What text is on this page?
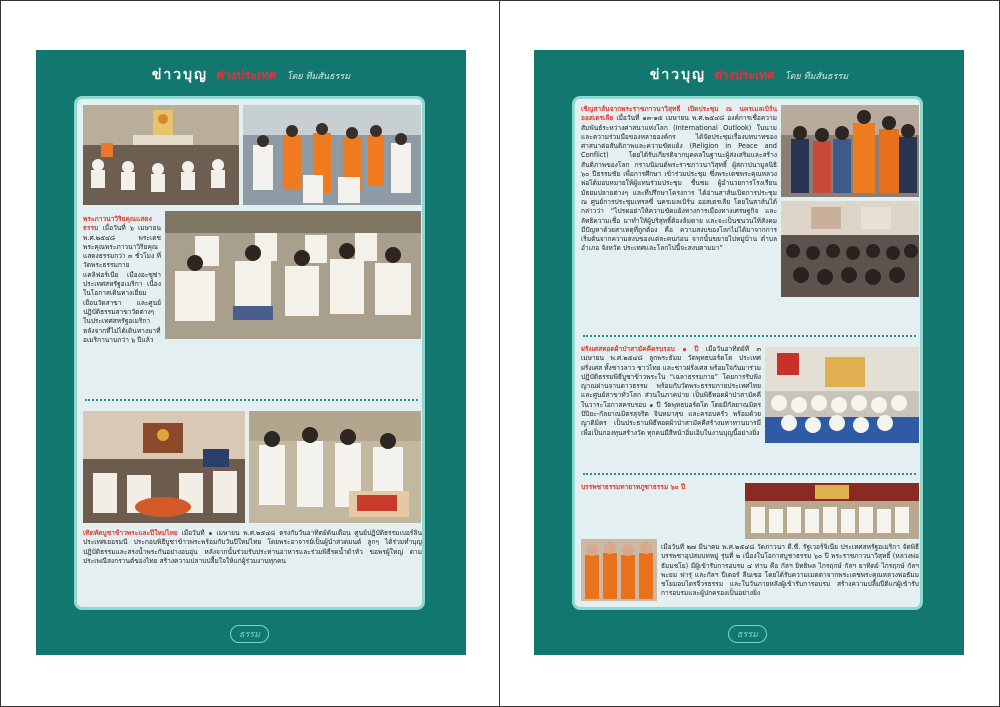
ข่าวบุญ ต่างประเทศ โดย ทีมสันธรรม
พระภาวนาวิริยคุณแสดงธรรม เมื่อวันที่ ๖ เมษายน พ.ศ.๒๕๔๘ พระเดชพระคุณพระภาวนาวิริยคุณ แสดงธรรมกว่า ๓ ชั่วโมง ที่วัดพระธรรมกายแคลิฟอร์เนีย เมืองอะซูซ่า ประเทศสหรัฐอเมริกา เนื่องในโอกาสเดินทางเยี่ยมเยือนวัดสาขา และศูนย์ปฏิบัติธรรมสาขาวัดต่างๆ ในประเทศสหรัฐอเมริกา หลังจากที่ไม่ได้เดินทางมาที่อเมริกานานกว่า ๖ ปีแล้ว
เทิดทัดบูชาข้าวพระและปีใหม่ไทย เมื่อวันที่ ๑ เมษายน พ.ศ.๒๕๔๘ ตรงกับวันอาทิตย์ต้นเดือน ศูนย์ปฏิบัติธรรมเบอร์ลิน ประเทศเยอรมนี ประกอบพิธีบูชาข้าวพระพร้อมกับวันปีใหม่ไทย โดยพระอาจารย์เป็นผู้นำสวดมนต์ ลูกๆ ได้ร่วมทำบุญปฏิบัติธรรมและสรงน้ำพระกันอย่างอบอุ่น หลังจากนั้นร่วมรับประทานอาหารและร่วมพิธีรดน้ำดำหัว ขอพรผู้ใหญ่ ตามประเพณีสงกรานต์ของไทย สร้างความปลาบปลื้มใจให้แก่ผู้ร่วมงานทุกคน
ธรรม
ข่าวบุญ ต่างประเทศ โดย ทีมสันธรรม
เชิญสาส์นจากพระราชภาวนาวิสุทธิ์ เปิดประชุม ณ นครเมลเบิร์น ออสเตรเลีย เมื่อวันที่ ๑๓-๑๕ เมษายน พ.ศ.๒๕๔๘ องค์การเชื่อความสัมพันธ์ระหว่างศาสนาแห่งโลก (International Outlook) ในนามและความร่วมมือของหลายองค์กร ได้จัดประชุมเรื่องบทบาทของศาสนาต่อสันติภาพและความขัดแย้ง (Religion in Peace and Conflict) โดยได้รับเกียรติจากบุคคลในฐานะผู้ส่งเสริมและสร้างสันติภาพของโลก กราบนิมนต์พระราชภาวนาวิสุทธิ์ ผู้สถาปนามูลนิธิ ๖๐ ปีธรรมชัย เพื่อการศึกษา เข้าร่วมประชุม ซึ่งพระเดชพระคุณหลวงพ่อได้มอบหมายให้ผู้แทนร่วมประชุม ชื่นชม ผู้อำนวยการโรงเรียนมัธยมปลายต่างๆ และที่ปรึกษาโครงการ ได้อ่านสาส์นเปิดการประชุม ณ ศูนย์การประชุมเทรลซี่ นครเมลเบิร์น ออสเตรเลีย โดยในสาส์นได้กล่าวว่า “ไปรดอย่าให้ความขัดแย้งทางการเมืองทางเศรษฐกิจ และลัทธิความเชื่อ มาทำให้ผู้บริสุทธิ์ต้องล้มตาย และจะเป็นชนวนให้สังคมมีปัญหาด้วยสาเหตุที่ถูกต้อง คือ ความสงบของโลกไม่ได้มาจากการเริ่มต้นจากความสงบของแต่ละคนก่อน จากนั้นขยายไปหมู่บ้าน ตำบล อำเภอ จังหวัด ประเทศและโลกไปนี้จะสงบตามมา”
ฝรั่งเศสทอดผ้าป่าสามัคคีครบรอบ ๑ ปี เมื่อวันอาทิตย์ที่ ๓ เมษายน พ.ศ.๒๕๔๘ ลูกพระธัมม วัดพุทธบอร์ดโด ประเทศฝรั่งเศส ทั้งชาวลาว ชาวไทย และชาวฝรั่งเศส พร้อมใจกันมาร่วมปฏิบัติธรรมพิธีบูชาข้าวพระใน “เฉลาธรรมกาย” โดยการรับฟังญาณผ่านจานดาวธรรม พร้อมกับวัดพระธรรมกายประเทศไทย และศูนย์สาขาทั่วโลก ส่วนในภาคบ่าย เป็นพิธีทอดผ้าป่าสามัคคีในวาระโอกาสครบรอบ ๑ ปี วัดพุทธบอร์ดโด โดยมีกัลยาณมิตรปัปิยะ-กัลยาณมิตรสุจริต จินหมาสุข และครอบครัว พร้อมด้วยญาติมิตร เป็นประธานพิธีทอดผ้าป่าสามัคคีสร้างมหาทานบารมี เพื่อเป็นกองทุนสร้างวัด ทุกคนมีสีหน้าอิ่มเอิบในงานบุญนี้อย่างยิ่ง
บรรพชาธรรมทายาทภูซาธรรม ๖๐ ปี
เมื่อวันที่ ๒๗ มีนาคม พ.ศ.๒๕๔๘ วัดภาวนา ดี.ซี. รัฐเวอร์จิเนีย ประเทศสหรัฐอเมริกา จัดพิธีบรรพชาอุปสมบทหมู่ รุ่นที่ ๒ เนื่องในโอกาสบูชาธรรม ๖๐ ปี พระราชภาวนาวิสุทธิ์ (หลวงพ่อธัมมชโย) มีผู้เข้ารับการอบรม ๔ ท่าน คือ กัลฯ ยิทธิพล ไกรฤกษ์ กัลฯ ยาทิตย์ ไกรฤกษ์ กัลฯ พะยม ฟารุ่ และกัลฯ ปีเตอร์ ลีนเซอ โดยได้รับความเมตตาจากพระเดชพระคุณหลวงพ่อธัมมชโยมอบไตรจีวรธรรม และในวันภายหลังผู้เข้ารับการอบรม สร้างความปลื้มปีติแก่ผู้เข้ารับการอบรมและผู้ปกครองเป็นอย่างยิ่ง
ธรรม
